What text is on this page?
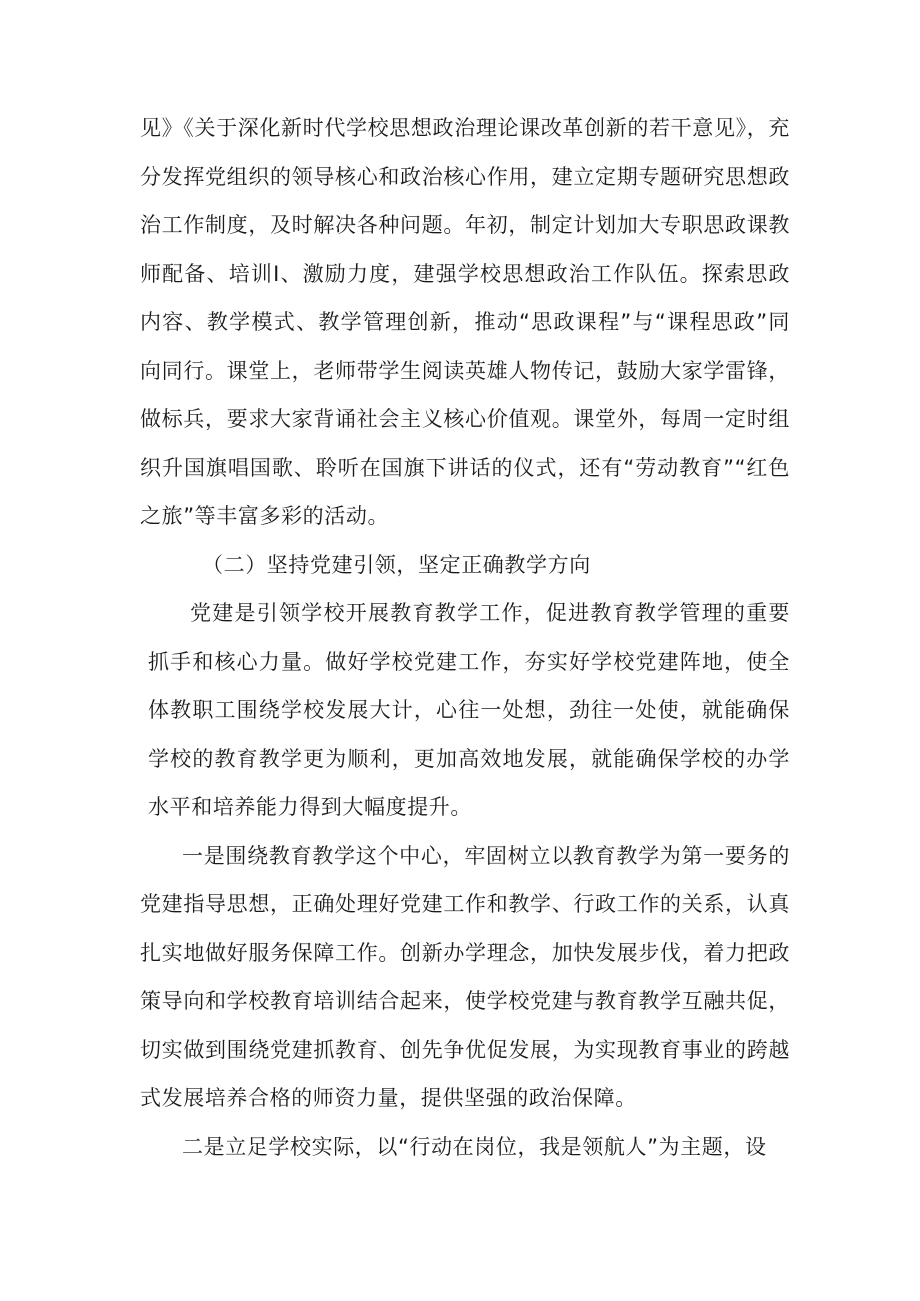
见》《关于深化新时代学校思想政治理论课改革创新的若干意见》，充分发挥党组织的领导核心和政治核心作用，建立定期专题研究思想政治工作制度，及时解决各种问题。年初，制定计划加大专职思政课教师配备、培训I、激励力度，建强学校思想政治工作队伍。探索思政内容、教学模式、教学管理创新，推动“思政课程”与“课程思政”同向同行。课堂上，老师带学生阅读英雄人物传记，鼓励大家学雷锋，做标兵，要求大家背诵社会主义核心价值观。课堂外，每周一定时组织升国旗唱国歌、聆听在国旗下讲话的仪式，还有“劳动教育”“红色之旅”等丰富多彩的活动。

（二）坚持党建引领，坚定正确教学方向

党建是引领学校开展教育教学工作，促进教育教学管理的重要抓手和核心力量。做好学校党建工作，夯实好学校党建阵地，使全体教职工围绕学校发展大计，心往一处想，劲往一处使，就能确保学校的教育教学更为顺利，更加高效地发展，就能确保学校的办学水平和培养能力得到大幅度提升。

一是围绕教育教学这个中心，牢固树立以教育教学为第一要务的党建指导思想，正确处理好党建工作和教学、行政工作的关系，认真扎实地做好服务保障工作。创新办学理念，加快发展步伐，着力把政策导向和学校教育培训结合起来，使学校党建与教育教学互融共促，切实做到围绕党建抓教育、创先争优促发展，为实现教育事业的跨越式发展培养合格的师资力量，提供坚强的政治保障。

二是立足学校实际，以“行动在岗位，我是领航人”为主题，设
